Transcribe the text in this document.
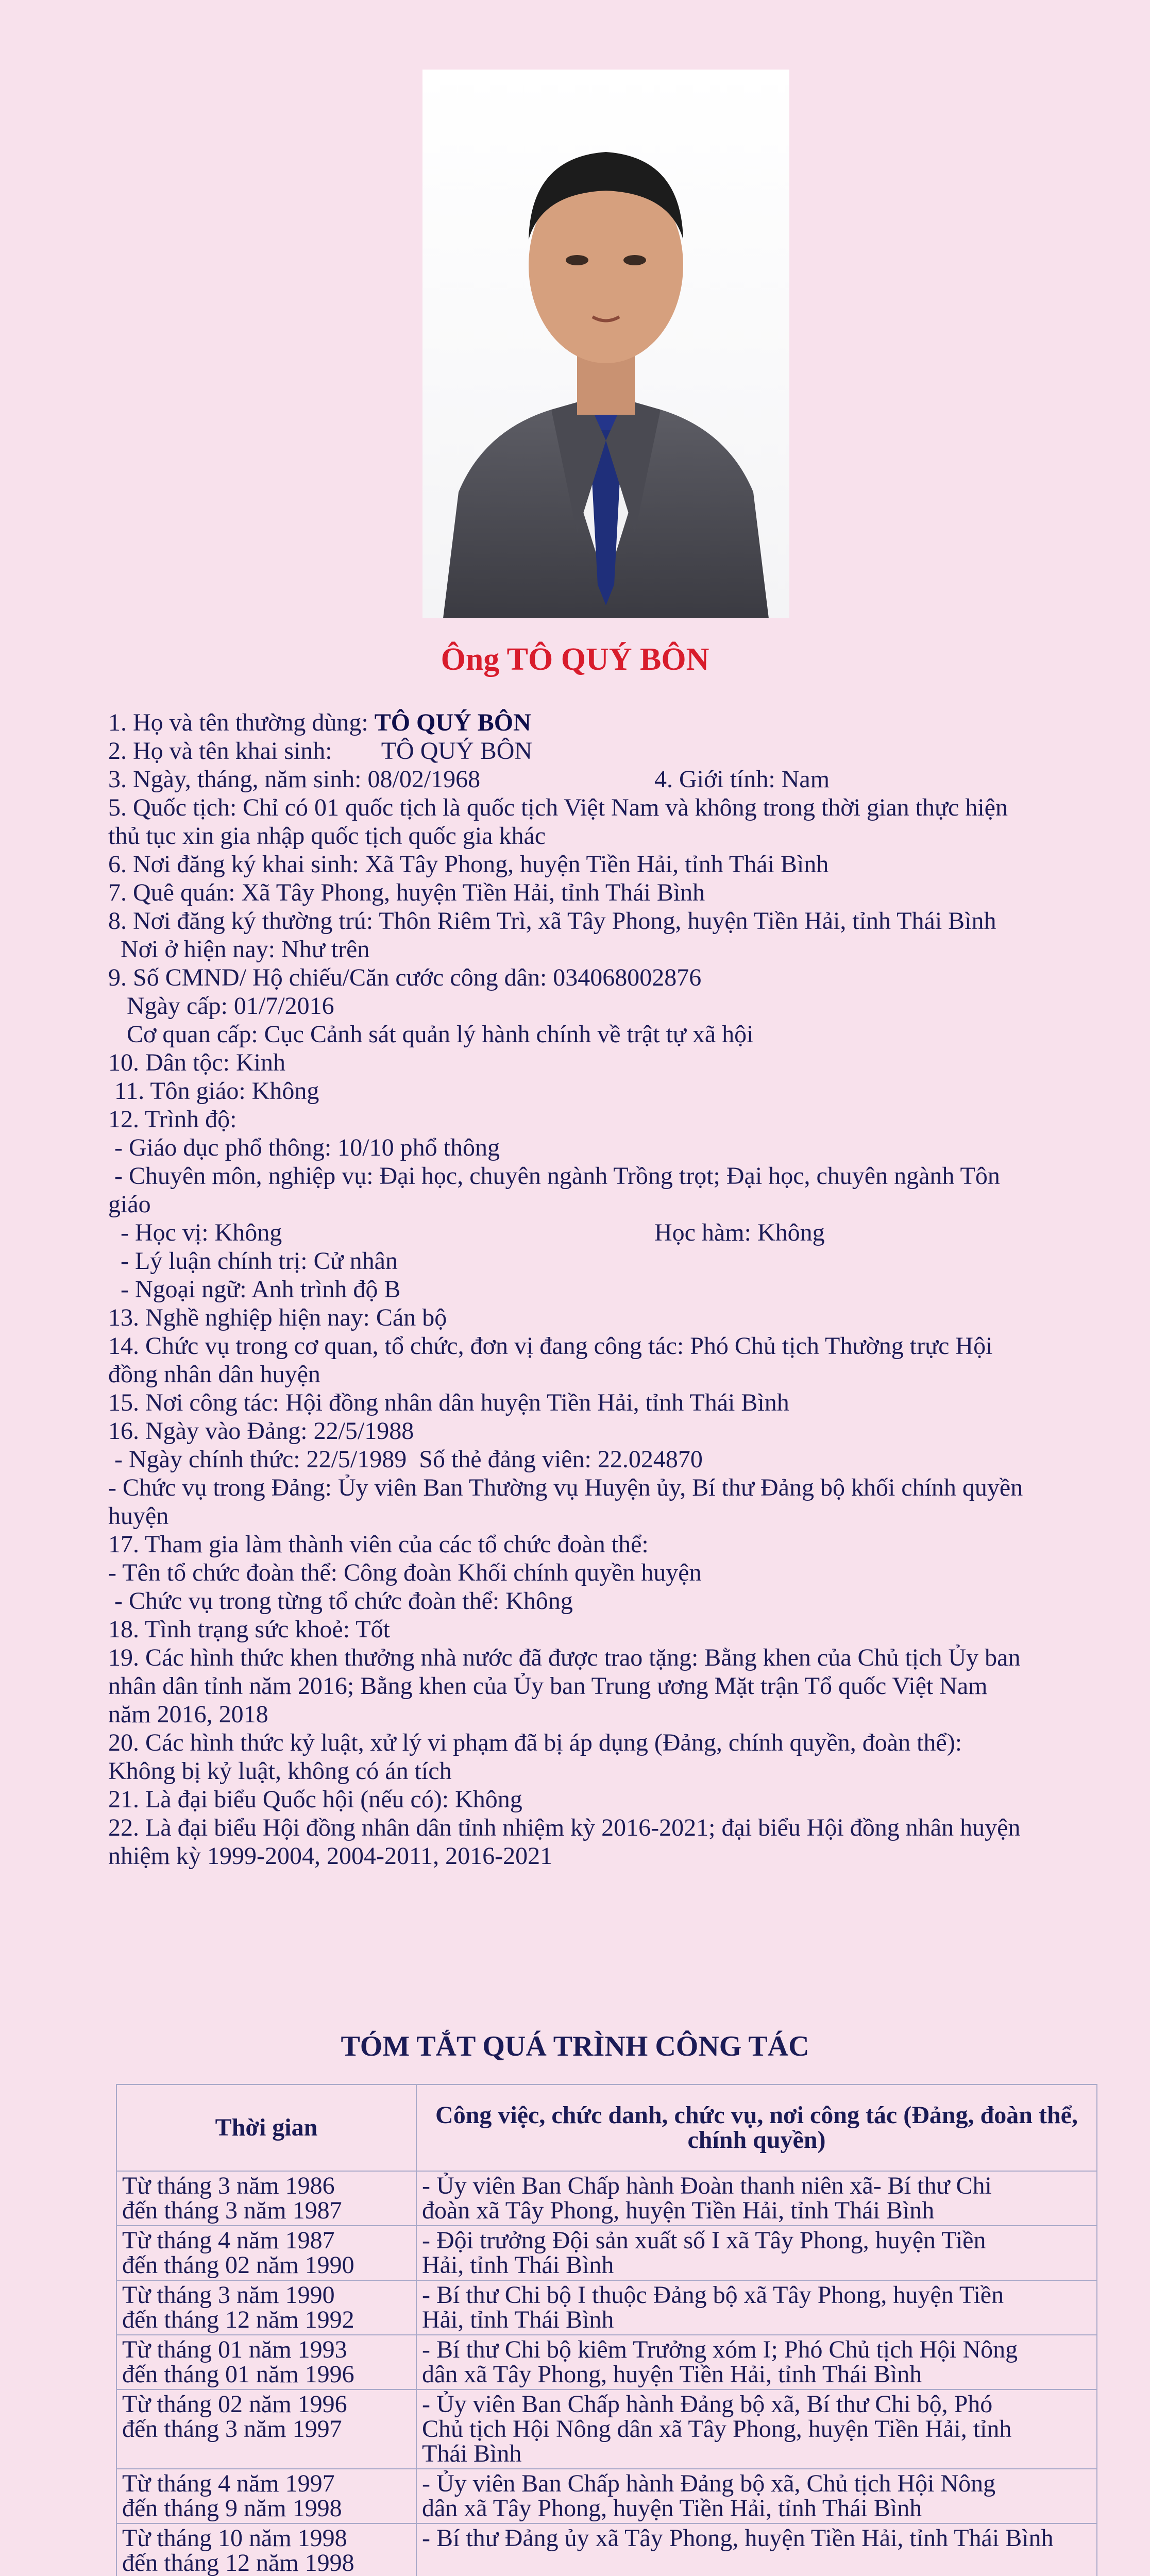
Ông TÔ QUÝ BÔN
1. Họ và tên thường dùng: TÔ QUÝ BÔN
2. Họ và tên khai sinh:        TÔ QUÝ BÔN
3. Ngày, tháng, năm sinh: 08/02/1968	4. Giới tính: Nam
5. Quốc tịch: Chỉ có 01 quốc tịch là quốc tịch Việt Nam và không trong thời gian thực hiện
thủ tục xin gia nhập quốc tịch quốc gia khác
6. Nơi đăng ký khai sinh: Xã Tây Phong, huyện Tiền Hải, tỉnh Thái Bình
7. Quê quán: Xã Tây Phong, huyện Tiền Hải, tỉnh Thái Bình
8. Nơi đăng ký thường trú: Thôn Riêm Trì, xã Tây Phong, huyện Tiền Hải, tỉnh Thái Bình
Nơi ở hiện nay: Như trên
9. Số CMND/ Hộ chiếu/Căn cước công dân: 034068002876
Ngày cấp: 01/7/2016
Cơ quan cấp: Cục Cảnh sát quản lý hành chính về trật tự xã hội
10. Dân tộc: Kinh
11. Tôn giáo: Không
12. Trình độ:
- Giáo dục phổ thông: 10/10 phổ thông
- Chuyên môn, nghiệp vụ: Đại học, chuyên ngành Trồng trọt; Đại học, chuyên ngành Tôn
giáo
- Học vị: Không	Học hàm: Không
- Lý luận chính trị: Cử nhân
- Ngoại ngữ: Anh trình độ B
13. Nghề nghiệp hiện nay: Cán bộ
14. Chức vụ trong cơ quan, tổ chức, đơn vị đang công tác: Phó Chủ tịch Thường trực Hội
đồng nhân dân huyện
15. Nơi công tác: Hội đồng nhân dân huyện Tiền Hải, tỉnh Thái Bình
16. Ngày vào Đảng: 22/5/1988
- Ngày chính thức: 22/5/1989  Số thẻ đảng viên: 22.024870
- Chức vụ trong Đảng: Ủy viên Ban Thường vụ Huyện ủy, Bí thư Đảng bộ khối chính quyền
huyện
17. Tham gia làm thành viên của các tổ chức đoàn thể:
- Tên tổ chức đoàn thể: Công đoàn Khối chính quyền huyện
- Chức vụ trong từng tổ chức đoàn thể: Không
18. Tình trạng sức khoẻ: Tốt
19. Các hình thức khen thưởng nhà nước đã được trao tặng: Bằng khen của Chủ tịch Ủy ban
nhân dân tỉnh năm 2016; Bằng khen của Ủy ban Trung ương Mặt trận Tổ quốc Việt Nam
năm 2016, 2018
20. Các hình thức kỷ luật, xử lý vi phạm đã bị áp dụng (Đảng, chính quyền, đoàn thể):
Không bị kỷ luật, không có án tích
21. Là đại biểu Quốc hội (nếu có): Không
22. Là đại biểu Hội đồng nhân dân tỉnh nhiệm kỳ 2016-2021; đại biểu Hội đồng nhân huyện
nhiệm kỳ 1999-2004, 2004-2011, 2016-2021
TÓM TẮT QUÁ TRÌNH CÔNG TÁC
Thời gian	Công việc, chức danh, chức vụ, nơi công tác (Đảng, đoàn thể, chính quyền)

Từ tháng 3 năm 1986
đến tháng 3 năm 1987	- Ủy viên Ban Chấp hành Đoàn thanh niên xã- Bí thư Chi
đoàn xã Tây Phong, huyện Tiền Hải, tỉnh Thái Bình

Từ tháng 4 năm 1987
đến tháng 02 năm 1990	- Đội trưởng Đội sản xuất số I xã Tây Phong, huyện Tiền
Hải, tỉnh Thái Bình

Từ tháng 3 năm 1990
đến tháng 12 năm 1992	- Bí thư Chi bộ I thuộc Đảng bộ xã Tây Phong, huyện Tiền
Hải, tỉnh Thái Bình

Từ tháng 01 năm 1993
đến tháng 01 năm 1996	- Bí thư Chi bộ kiêm Trưởng xóm I; Phó Chủ tịch Hội Nông
dân xã Tây Phong, huyện Tiền Hải, tỉnh Thái Bình

Từ tháng 02 năm 1996
đến tháng 3 năm 1997	- Ủy viên Ban Chấp hành Đảng bộ xã, Bí thư Chi bộ, Phó
Chủ tịch Hội Nông dân xã Tây Phong, huyện Tiền Hải, tỉnh
Thái Bình

Từ tháng 4 năm 1997
đến tháng 9 năm 1998	- Ủy viên Ban Chấp hành Đảng bộ xã, Chủ tịch Hội Nông
dân xã Tây Phong, huyện Tiền Hải, tỉnh Thái Bình

Từ tháng 10 năm 1998
đến tháng 12 năm 1998	- Bí thư Đảng ủy xã Tây Phong, huyện Tiền Hải, tỉnh Thái Bình
